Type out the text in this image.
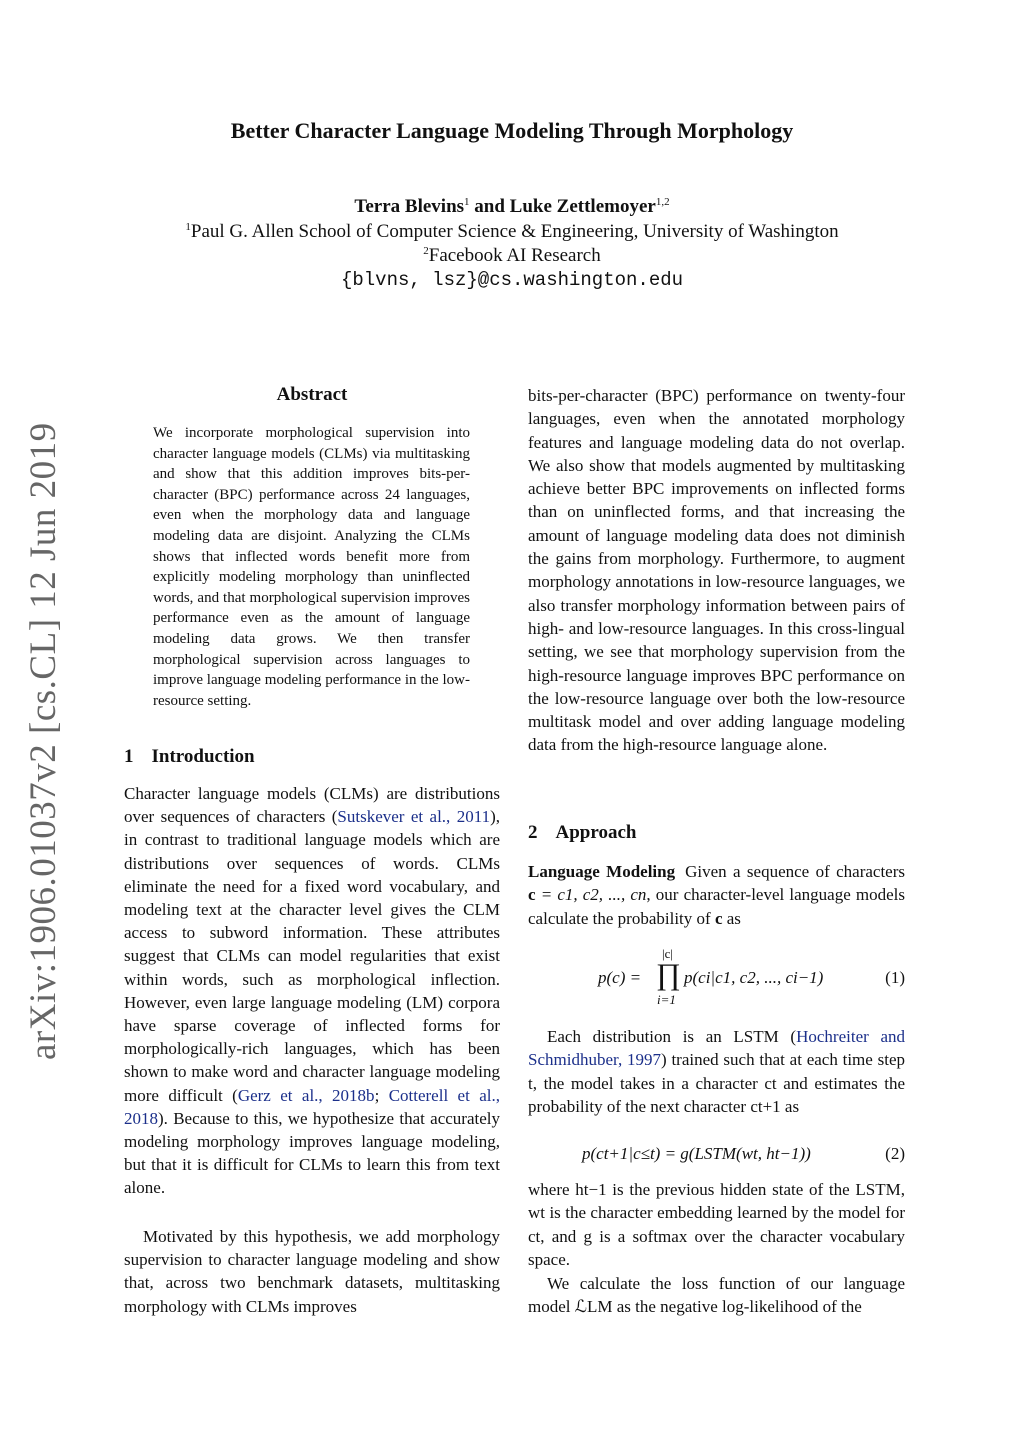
Better Character Language Modeling Through Morphology
Terra Blevins$^1$ and Luke Zettlemoyer$^{1,2}$
$^1$Paul G. Allen School of Computer Science & Engineering, University of Washington
$^2$Facebook AI Research
{blvns, lsz}@cs.washington.edu
arXiv:1906.01037v2 [cs.CL] 12 Jun 2019
Abstract
We incorporate morphological supervision into character language models (CLMs) via multitasking and show that this addition improves bits-per-character (BPC) performance across 24 languages, even when the morphology data and language modeling data are disjoint. Analyzing the CLMs shows that inflected words benefit more from explicitly modeling morphology than uninflected words, and that morphological supervision improves performance even as the amount of language modeling data grows. We then transfer morphological supervision across languages to improve language modeling performance in the low-resource setting.
1 Introduction
Character language models (CLMs) are distributions over sequences of characters (Sutskever et al., 2011), in contrast to traditional language models which are distributions over sequences of words. CLMs eliminate the need for a fixed word vocabulary, and modeling text at the character level gives the CLM access to subword information. These attributes suggest that CLMs can model regularities that exist within words, such as morphological inflection. However, even large language modeling (LM) corpora have sparse coverage of inflected forms for morphologically-rich languages, which has been shown to make word and character language modeling more difficult (Gerz et al., 2018b; Cotterell et al., 2018). Because to this, we hypothesize that accurately modeling morphology improves language modeling, but that it is difficult for CLMs to learn this from text alone.
Motivated by this hypothesis, we add morphology supervision to character language modeling and show that, across two benchmark datasets, multitasking morphology with CLMs improves
bits-per-character (BPC) performance on twenty-four languages, even when the annotated morphology features and language modeling data do not overlap. We also show that models augmented by multitasking achieve better BPC improvements on inflected forms than on uninflected forms, and that increasing the amount of language modeling data does not diminish the gains from morphology. Furthermore, to augment morphology annotations in low-resource languages, we also transfer morphology information between pairs of high- and low-resource languages. In this cross-lingual setting, we see that morphology supervision from the high-resource language improves BPC performance on the low-resource language over both the low-resource multitask model and over adding language modeling data from the high-resource language alone.
2 Approach
Language Modeling Given a sequence of characters c = c1, c2, ..., cn, our character-level language models calculate the probability of c as
p(c) =
|c|
∏
i=1
p(ci|c1, c2, ..., ci−1)	(1)
Each distribution is an LSTM (Hochreiter and Schmidhuber, 1997) trained such that at each time step t, the model takes in a character ct and estimates the probability of the next character ct+1 as
p(ct+1|c≤t) = g(LSTM(wt, ht−1))	(2)
where ht−1 is the previous hidden state of the LSTM, wt is the character embedding learned by the model for ct, and g is a softmax over the character vocabulary space.
We calculate the loss function of our language model ℒLM as the negative log-likelihood of the
